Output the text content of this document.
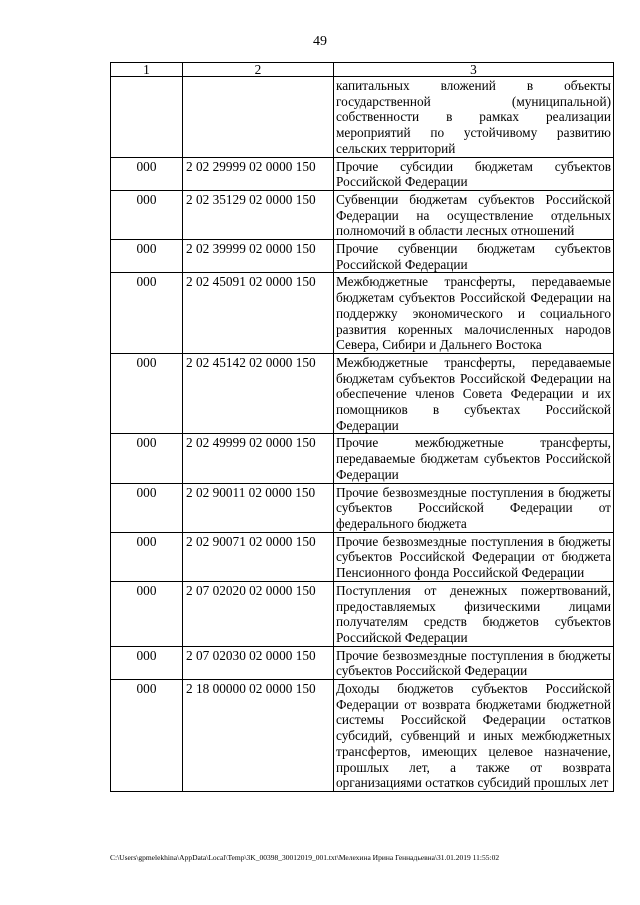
49
1	2	3
		капитальных вложений в объекты государственной (муниципальной) собственности в рамках реализации мероприятий по устойчивому развитию сельских территорий
000	2 02 29999 02 0000 150	Прочие субсидии бюджетам субъектов Российской Федерации
000	2 02 35129 02 0000 150	Субвенции бюджетам субъектов Российской Федерации на осуществление отдельных полномочий в области лесных отношений
000	2 02 39999 02 0000 150	Прочие субвенции бюджетам субъектов Российской Федерации
000	2 02 45091 02 0000 150	Межбюджетные трансферты, передаваемые бюджетам субъектов Российской Федерации на поддержку экономического и социального развития коренных малочисленных народов Севера, Сибири и Дальнего Востока
000	2 02 45142 02 0000 150	Межбюджетные трансферты, передаваемые бюджетам субъектов Российской Федерации на обеспечение членов Совета Федерации и их помощников в субъектах Российской Федерации
000	2 02 49999 02 0000 150	Прочие межбюджетные трансферты, передаваемые бюджетам субъектов Российской Федерации
000	2 02 90011 02 0000 150	Прочие безвозмездные поступления в бюджеты субъектов Российской Федерации от федерального бюджета
000	2 02 90071 02 0000 150	Прочие безвозмездные поступления в бюджеты субъектов Российской Федерации от бюджета Пенсионного фонда Российской Федерации
000	2 07 02020 02 0000 150	Поступления от денежных пожертвований, предоставляемых физическими лицами получателям средств бюджетов субъектов Российской Федерации
000	2 07 02030 02 0000 150	Прочие безвозмездные поступления в бюджеты субъектов Российской Федерации
000	2 18 00000 02 0000 150	Доходы бюджетов субъектов Российской Федерации от возврата бюджетами бюджетной системы Российской Федерации остатков субсидий, субвенций и иных межбюджетных трансфертов, имеющих целевое назначение, прошлых лет, а также от возврата организациями остатков субсидий прошлых лет
C:\Users\gpmelekhina\AppData\Local\Temp\3K_00398_30012019_001.txt\Мелехина Ирина Геннадьевна\31.01.2019 11:55:02
